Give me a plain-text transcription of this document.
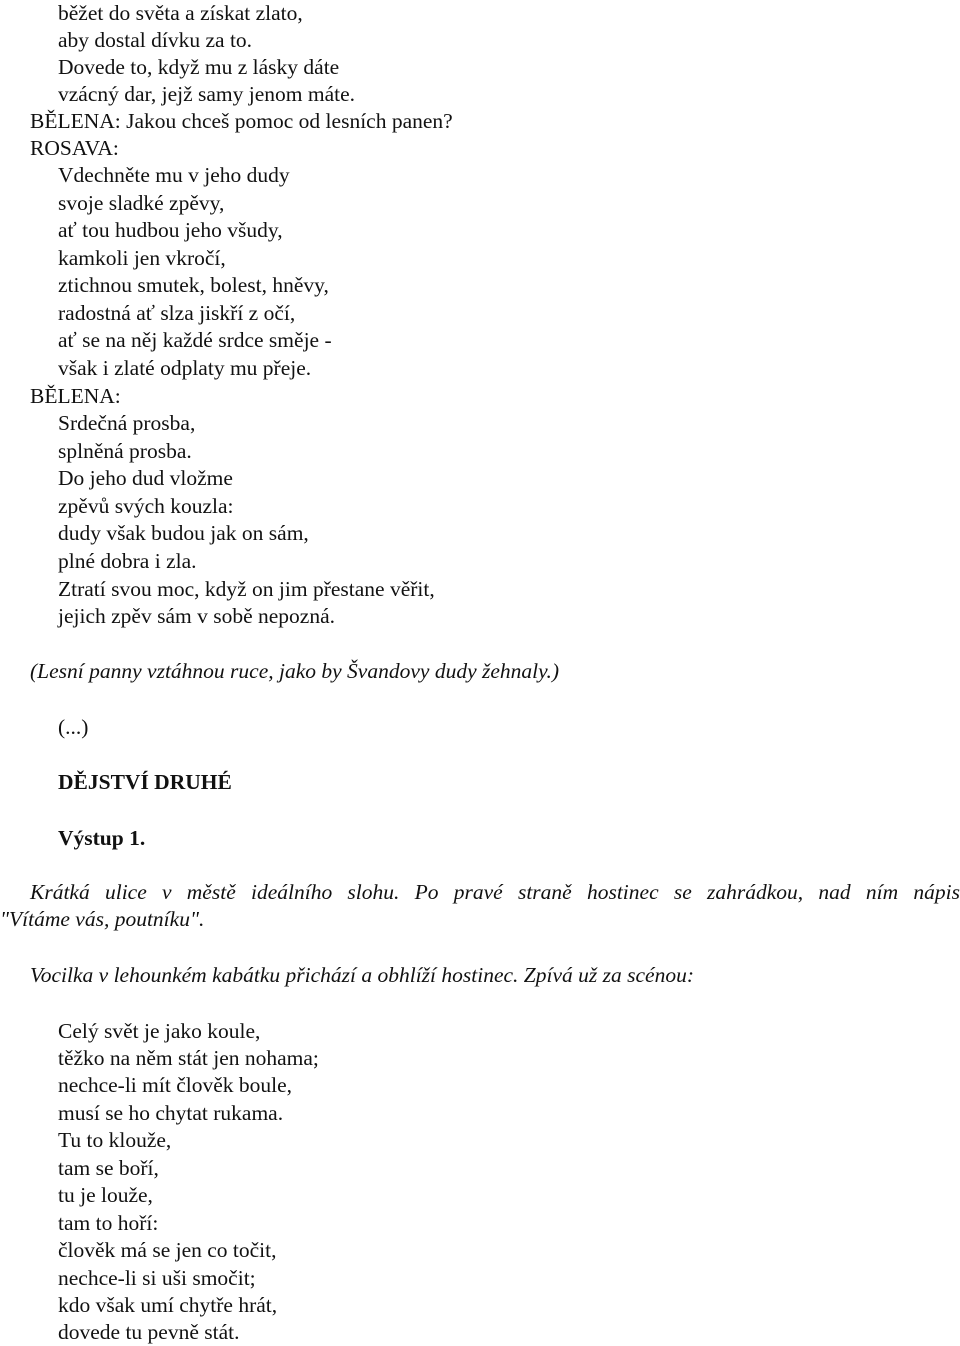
běžet do světa a získat zlato,
aby dostal dívku za to.
Dovede to, když mu z lásky dáte
vzácný dar, jejž samy jenom máte.
BĚLENA: Jakou chceš pomoc od lesních panen?
ROSAVA:
Vdechněte mu v jeho dudy
svoje sladké zpěvy,
ať tou hudbou jeho všudy,
kamkoli jen vkročí,
ztichnou smutek, bolest, hněvy,
radostná ať slza jiskří z očí,
ať se na něj každé srdce směje -
však i zlaté odplaty mu přeje.
BĚLENA:
Srdečná prosba,
splněná prosba.
Do jeho dud vložme
zpěvů svých kouzla:
dudy však budou jak on sám,
plné dobra i zla.
Ztratí svou moc, když on jim přestane věřit,
jejich zpěv sám v sobě nepozná.
(Lesní panny vztáhnou ruce, jako by Švandovy dudy žehnaly.)
(...)
DĚJSTVÍ DRUHÉ
Výstup 1.
Krátká ulice v městě ideálního slohu. Po pravé straně hostinec se zahrádkou, nad ním nápis
"Vítáme vás, poutníku".
Vocilka v lehounkém kabátku přichází a obhlíží hostinec. Zpívá už za scénou:
Celý svět je jako koule,
těžko na něm stát jen nohama;
nechce-li mít člověk boule,
musí se ho chytat rukama.
Tu to klouže,
tam se boří,
tu je louže,
tam to hoří:
člověk má se jen co točit,
nechce-li si uši smočit;
kdo však umí chytře hrát,
dovede tu pevně stát.
